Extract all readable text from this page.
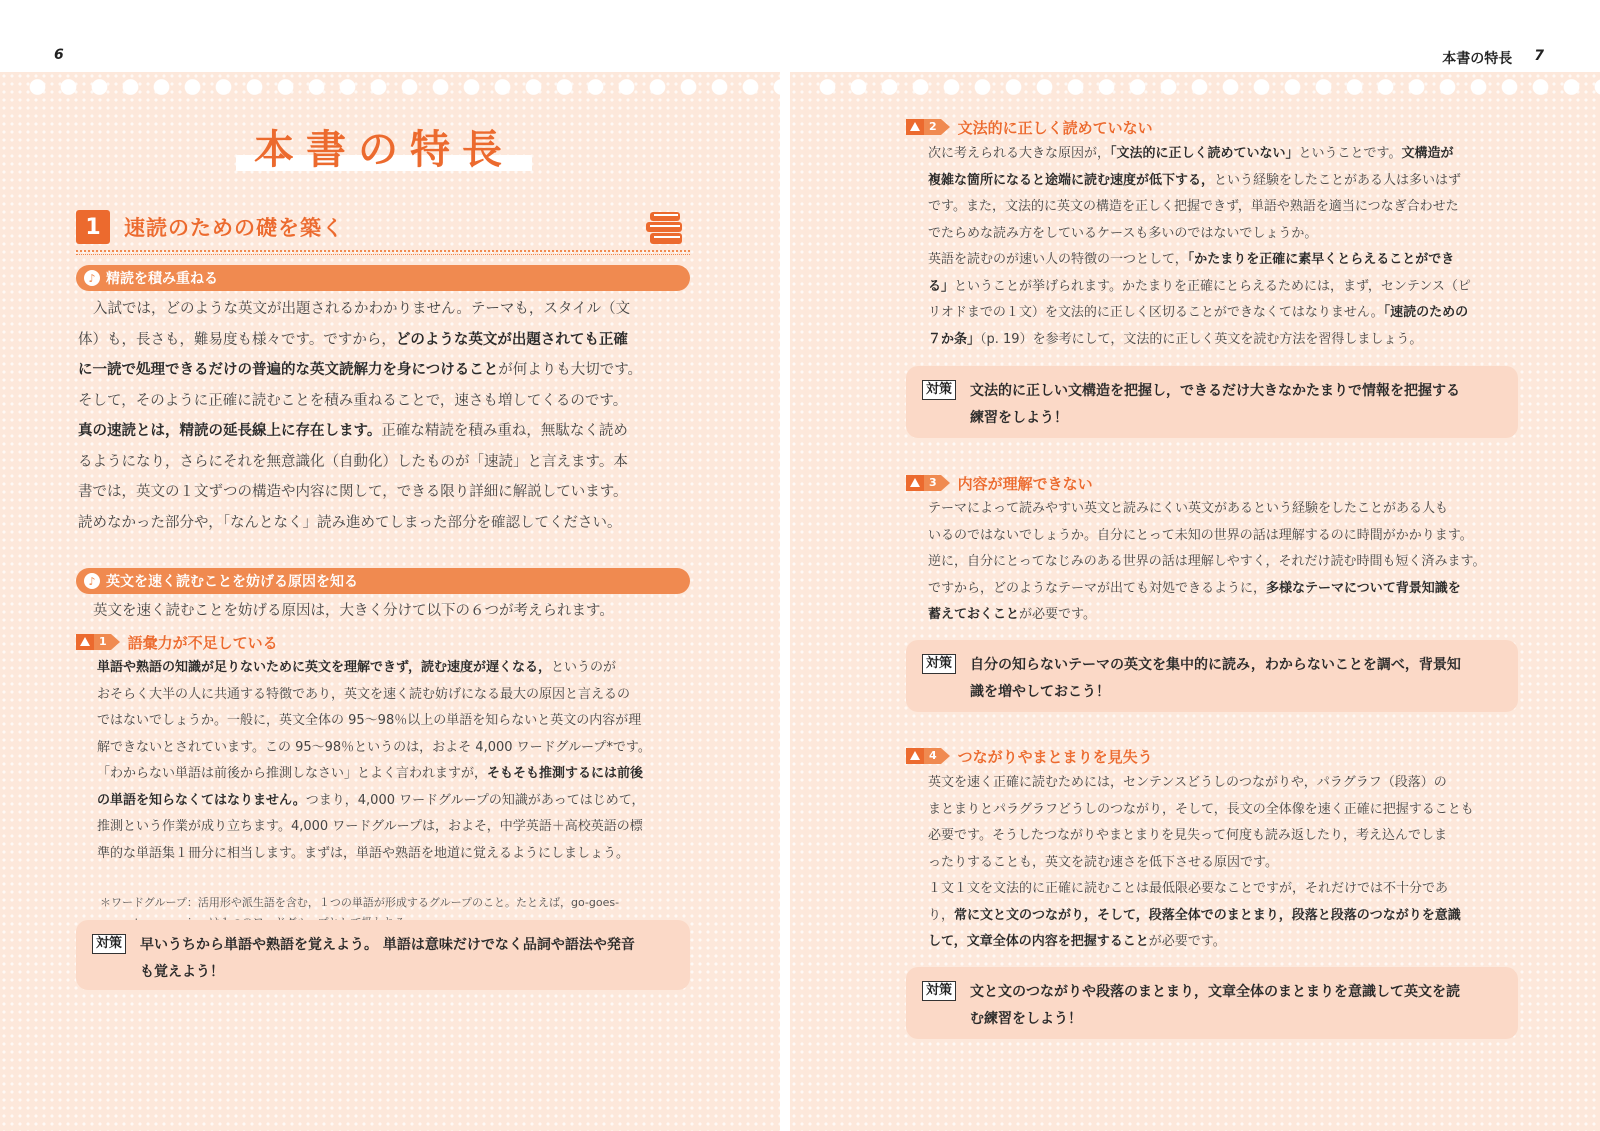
6	本書の特長 7
本書の特長
1	速読のための礎を築く
♪ 精読を積み重ねる
入試では，どのような英文が出題されるかわかりません。テーマも，スタイル（文
体）も，長さも，難易度も様々です。ですから，どのような英文が出題されても正確
に一読で処理できるだけの普遍的な英文読解力を身につけることが何よりも大切です。
そして，そのように正確に読むことを積み重ねることで，速さも増してくるのです。
真の速読とは，精読の延長線上に存在します。正確な精読を積み重ね，無駄なく読め
るようになり，さらにそれを無意識化（自動化）したものが「速読」と言えます。本
書では，英文の１文ずつの構造や内容に関して，できる限り詳細に解説しています。
読めなかった部分や，「なんとなく」読み進めてしまった部分を確認してください。
♪ 英文を速く読むことを妨げる原因を知る
英文を速く読むことを妨げる原因は，大きく分けて以下の６つが考えられます。
1 語彙力が不足している
単語や熟語の知識が足りないために英文を理解できず，読む速度が遅くなる，というのが
おそらく大半の人に共通する特徴であり，英文を速く読む妨げになる最大の原因と言えるの
ではないでしょうか。一般に，英文全体の 95～98％以上の単語を知らないと英文の内容が理
解できないとされています。この 95～98％というのは，およそ 4,000 ワードグループ*です。
「わからない単語は前後から推測しなさい」とよく言われますが，そもそも推測するには前後
の単語を知らなくてはなりません。つまり，4,000 ワードグループの知識があってはじめて，
推測という作業が成り立ちます。4,000 ワードグループは，およそ，中学英語＋高校英語の標
準的な単語集１冊分に相当します。まずは，単語や熟語を地道に覚えるようにしましょう。
＊ワードグループ：活用形や派生語を含む，１つの単語が形成するグループのこと。たとえば，go-goes-
対策 早いうちから単語や熟語を覚えよう。 単語は意味だけでなく品詞や語法や発音
も覚えよう！
2 文法的に正しく読めていない
次に考えられる大きな原因が，「文法的に正しく読めていない」ということです。文構造が
複雑な箇所になると途端に読む速度が低下する，という経験をしたことがある人は多いはず
です。また，文法的に英文の構造を正しく把握できず，単語や熟語を適当につなぎ合わせた
でたらめな読み方をしているケースも多いのではないでしょうか。
英語を読むのが速い人の特徴の一つとして，「かたまりを正確に素早くとらえることができ
る」ということが挙げられます。かたまりを正確にとらえるためには，まず，センテンス（ピ
リオドまでの１文）を文法的に正しく区切ることができなくてはなりません。「速読のための
７か条」（p. 19）を参考にして，文法的に正しく英文を読む方法を習得しましょう。
対策 文法的に正しい文構造を把握し，できるだけ大きなかたまりで情報を把握する
練習をしよう！
3 内容が理解できない
テーマによって読みやすい英文と読みにくい英文があるという経験をしたことがある人も
いるのではないでしょうか。自分にとって未知の世界の話は理解するのに時間がかかります。
逆に，自分にとってなじみのある世界の話は理解しやすく，それだけ読む時間も短く済みます。
ですから，どのようなテーマが出ても対処できるように，多様なテーマについて背景知識を
蓄えておくことが必要です。
対策 自分の知らないテーマの英文を集中的に読み，わからないことを調べ，背景知
識を増やしておこう！
4 つながりやまとまりを見失う
英文を速く正確に読むためには，センテンスどうしのつながりや，パラグラフ（段落）の
まとまりとパラグラフどうしのつながり，そして，長文の全体像を速く正確に把握することも
必要です。そうしたつながりやまとまりを見失って何度も読み返したり，考え込んでしま
ったりすることも，英文を読む速さを低下させる原因です。
１文１文を文法的に正確に読むことは最低限必要なことですが，それだけでは不十分であ
り，常に文と文のつながり，そして，段落全体でのまとまり，段落と段落のつながりを意識
して，文章全体の内容を把握することが必要です。
対策 文と文のつながりや段落のまとまり，文章全体のまとまりを意識して英文を読
む練習をしよう！
